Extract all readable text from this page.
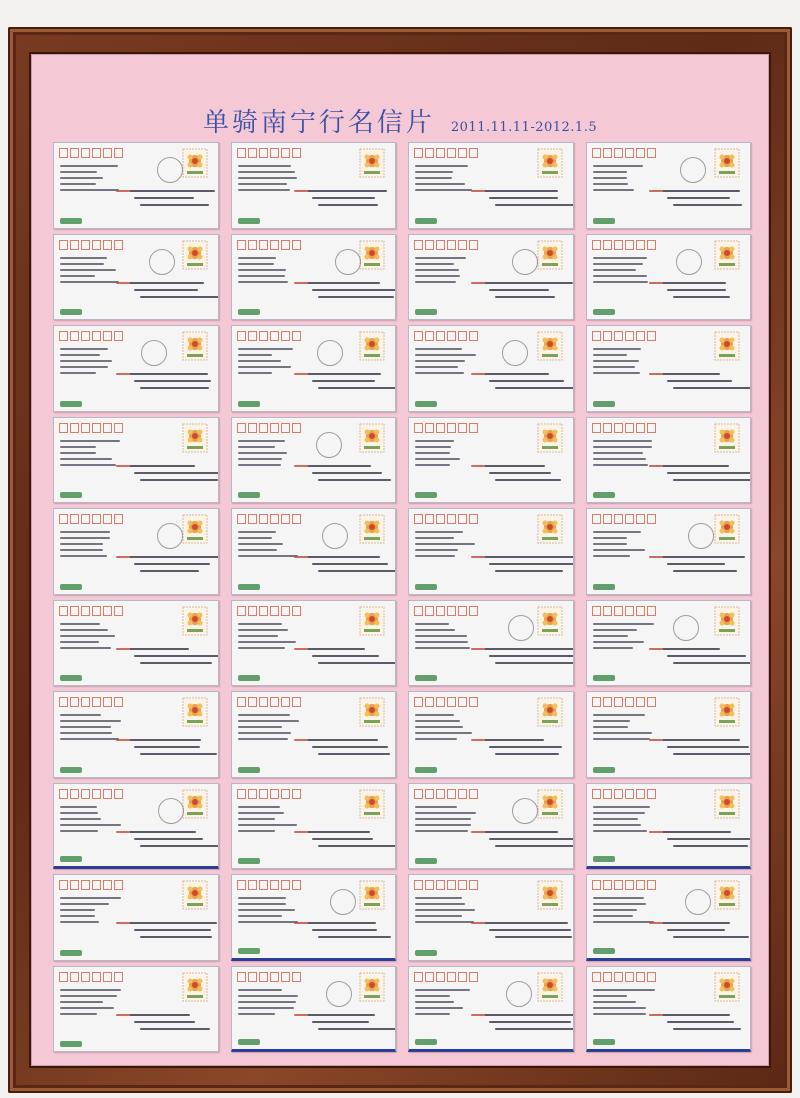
单骑南宁行名信片 2011.11.11-2012.1.5
